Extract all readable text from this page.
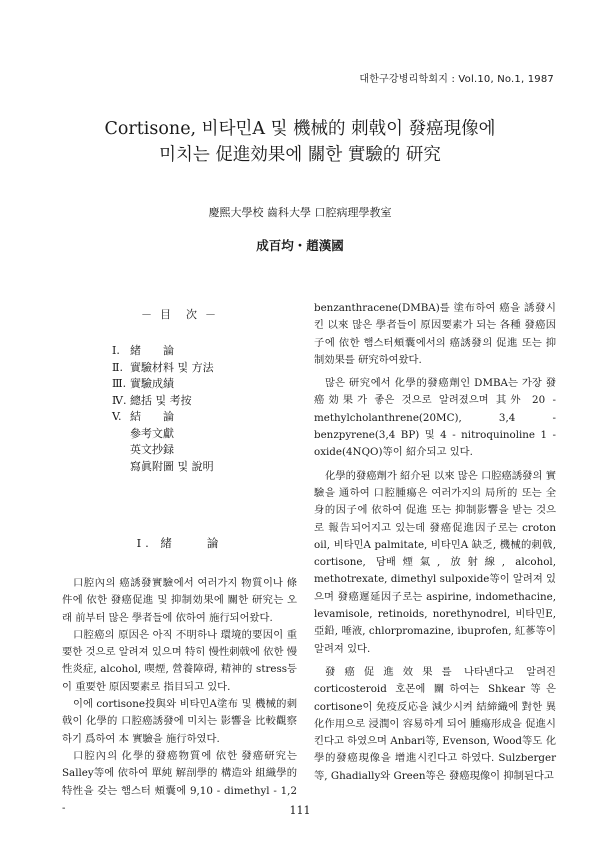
대한구강병리학회지 : Vol.10, No.1, 1987
Cortisone, 비타민A 및 機械的 刺戟이 發癌現像에
미치는 促進効果에 關한 實驗的 研究
慶熙大學校 齒科大學 口腔病理學教室
成百均・趙漢國
－ 目　次 －
I. 緒　　論
Ⅱ. 實驗材料 및 方法
Ⅲ. 實驗成績
Ⅳ. 總括 및 考按
V. 結　　論
參考文獻
英文抄録
寫眞附圖 및 說明
Ⅰ. 緒　　論

口腔內의 癌誘發實驗에서 여러가지 物質이나 條件에 依한 發癌促進 및 抑制効果에 關한 研究는 오래 前부터 많은 學者들에 依하여 施行되어왔다.

口腔癌의 原因은 아직 不明하나 環境的要因이 重要한 것으로 알려져 있으며 特히 慢性刺戟에 依한 慢性炎症, alcohol, 喫煙, 營養障碍, 精神的 stress등이 重要한 原因要素로 指目되고 있다.

이에 cortisone投與와 비타민A塗布 및 機械的刺戟이 化學的 口腔癌誘發에 미치는 影響을 比較觀察하기 爲하여 本 實驗을 施行하였다.

口腔內의 化學的發癌物質에 依한 發癌研究는 Salley等에 依하여 單純 解剖學的 構造와 組織學的 特性을 갖는 햄스터 頰囊에 9,10 - dimethyl - 1,2 -

benzanthracene(DMBA)를 塗布하여 癌을 誘發시킨 以來 많은 學者들이 原因要素가 되는 各種 發癌因子에 依한 햄스터頰囊에서의 癌誘發의 促進 또는 抑制効果를 研究하여왔다.

많은 研究에서 化學的發癌劑인 DMBA는 가장 發癌効果가 좋은 것으로 알려졌으며 其外 20 - methylcholanthrene(20MC), 3,4 - benzpyrene(3,4 BP) 및 4 - nitroquinoline 1 - oxide(4NQO)等이 紹介되고 있다.

化學的發癌劑가 紹介된 以來 많은 口腔癌誘發의 實驗을 通하여 口腔腫瘍은 여러가지의 局所的 또는 全身的因子에 依하여 促進 또는 抑制影響을 받는 것으로 報告되어지고 있는데 發癌促進因子로는 croton oil, 비타민A palmitate, 비타민A 缺乏, 機械的刺戟, cortisone, 담배煙氣, 放射線, alcohol, methotrexate, dimethyl sulpoxide等이 알려져 있으며 發癌遲延因子로는 aspirine, indomethacine, levamisole, retinoids, norethynodrel, 비타민E, 亞鉛, 唾液, chlorpromazine, ibuprofen, 紅蔘等이 알려져 있다.

發癌促進效果를 나타낸다고 알려진 corticosteroid 호몬에 關하여는 Shkear等은 cortisone이 免疫反応을 減少시켜 結締織에 對한 異化作用으로 浸潤이 容易하게 되어 腫瘍形成을 促進시킨다고 하였으며 Anbari等, Evenson, Wood等도 化學的發癌現像을 增進시킨다고 하였다. Sulzberger等, Ghadially와 Green等은 發癌現像이 抑制된다고

111
